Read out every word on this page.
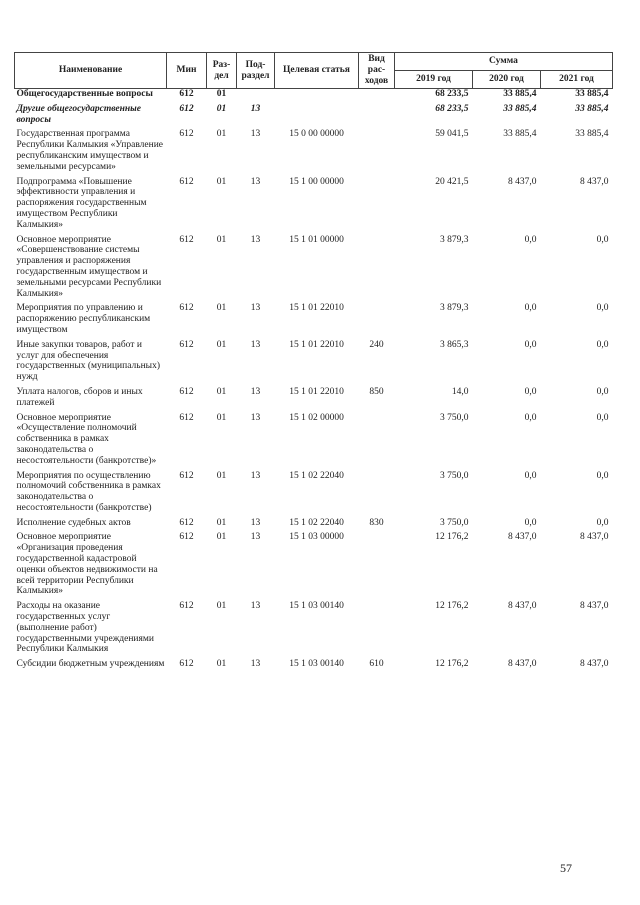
Наименование	Мин	Раз-дел	Под-раздел	Целевая статья	Вид рас-ходов	Сумма		
						2019 год	2020 год	2021 год
Общегосударственные вопросы	612	01				68 233,5	33 885,4	33 885,4
Другие общегосударственные вопросы	612	01	13			68 233,5	33 885,4	33 885,4
Государственная программа Республики Калмыкия «Управление республиканским имуществом и земельными ресурсами»	612	01	13	15 0 00 00000		59 041,5	33 885,4	33 885,4
Подпрограмма «Повышение эффективности управления и распоряжения государственным имуществом Республики Калмыкия»	612	01	13	15 1 00 00000		20 421,5	8 437,0	8 437,0
Основное мероприятие «Совершенствование системы управления и распоряжения государственным имуществом и земельными ресурсами Республики Калмыкия»	612	01	13	15 1 01 00000		3 879,3	0,0	0,0
Мероприятия по управлению и распоряжению республиканским имуществом	612	01	13	15 1 01 22010		3 879,3	0,0	0,0
Иные закупки товаров, работ и услуг для обеспечения государственных (муниципальных) нужд	612	01	13	15 1 01 22010	240	3 865,3	0,0	0,0
Уплата налогов, сборов и иных платежей	612	01	13	15 1 01 22010	850	14,0	0,0	0,0
Основное мероприятие «Осуществление полномочий собственника в рамках законодательства о несостоятельности (банкротстве)»	612	01	13	15 1 02 00000		3 750,0	0,0	0,0
Мероприятия по осуществлению полномочий собственника в рамках законодательства о несостоятельности (банкротстве)	612	01	13	15 1 02 22040		3 750,0	0,0	0,0
Исполнение судебных актов	612	01	13	15 1 02 22040	830	3 750,0	0,0	0,0
Основное мероприятие «Организация проведения государственной кадастровой оценки объектов недвижимости на всей территории Республики Калмыкия»	612	01	13	15 1 03 00000		12 176,2	8 437,0	8 437,0
Расходы на оказание государственных услуг (выполнение работ) государственными учреждениями Республики Калмыкия	612	01	13	15 1 03 00140		12 176,2	8 437,0	8 437,0
Субсидии бюджетным учреждениям	612	01	13	15 1 03 00140	610	12 176,2	8 437,0	8 437,0
57
